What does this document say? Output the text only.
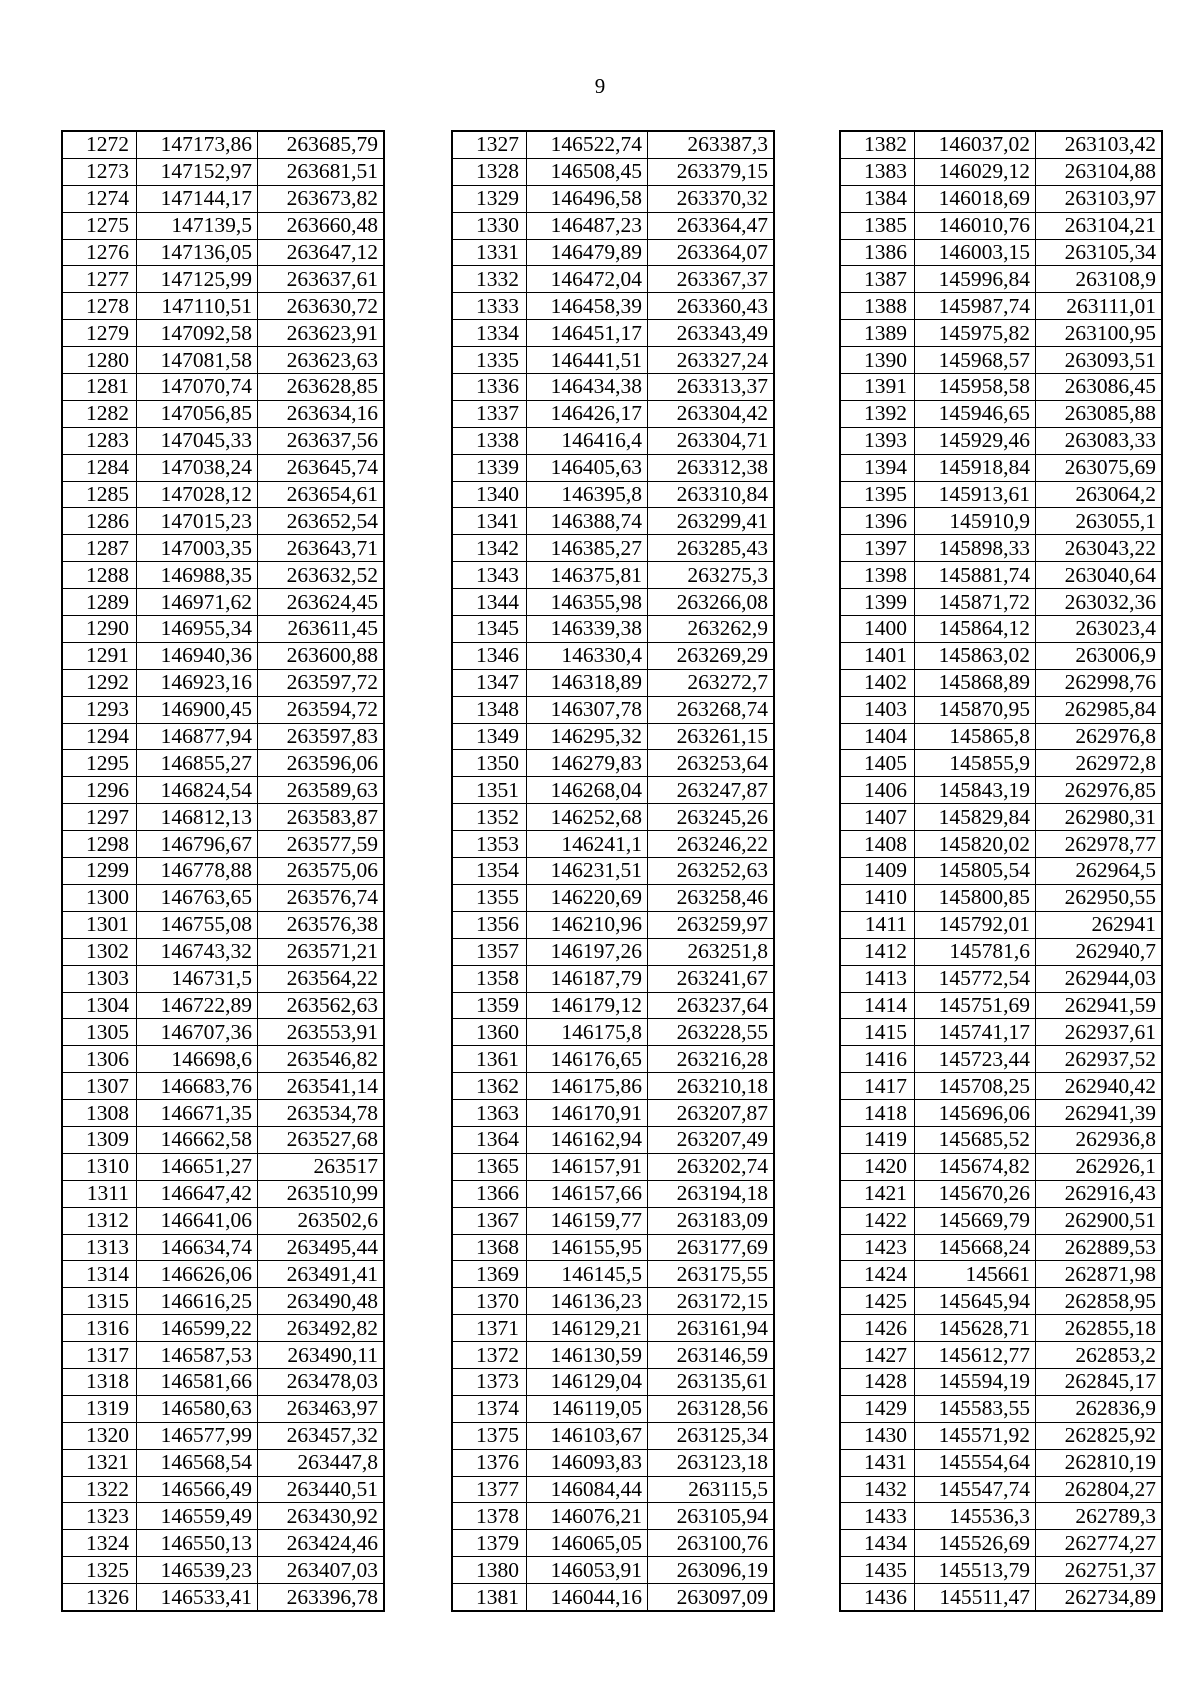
9
1272	147173,86	263685,79
1273	147152,97	263681,51
1274	147144,17	263673,82
1275	147139,5	263660,48
1276	147136,05	263647,12
1277	147125,99	263637,61
1278	147110,51	263630,72
1279	147092,58	263623,91
1280	147081,58	263623,63
1281	147070,74	263628,85
1282	147056,85	263634,16
1283	147045,33	263637,56
1284	147038,24	263645,74
1285	147028,12	263654,61
1286	147015,23	263652,54
1287	147003,35	263643,71
1288	146988,35	263632,52
1289	146971,62	263624,45
1290	146955,34	263611,45
1291	146940,36	263600,88
1292	146923,16	263597,72
1293	146900,45	263594,72
1294	146877,94	263597,83
1295	146855,27	263596,06
1296	146824,54	263589,63
1297	146812,13	263583,87
1298	146796,67	263577,59
1299	146778,88	263575,06
1300	146763,65	263576,74
1301	146755,08	263576,38
1302	146743,32	263571,21
1303	146731,5	263564,22
1304	146722,89	263562,63
1305	146707,36	263553,91
1306	146698,6	263546,82
1307	146683,76	263541,14
1308	146671,35	263534,78
1309	146662,58	263527,68
1310	146651,27	263517
1311	146647,42	263510,99
1312	146641,06	263502,6
1313	146634,74	263495,44
1314	146626,06	263491,41
1315	146616,25	263490,48
1316	146599,22	263492,82
1317	146587,53	263490,11
1318	146581,66	263478,03
1319	146580,63	263463,97
1320	146577,99	263457,32
1321	146568,54	263447,8
1322	146566,49	263440,51
1323	146559,49	263430,92
1324	146550,13	263424,46
1325	146539,23	263407,03
1326	146533,41	263396,78
1327	146522,74	263387,3
1328	146508,45	263379,15
1329	146496,58	263370,32
1330	146487,23	263364,47
1331	146479,89	263364,07
1332	146472,04	263367,37
1333	146458,39	263360,43
1334	146451,17	263343,49
1335	146441,51	263327,24
1336	146434,38	263313,37
1337	146426,17	263304,42
1338	146416,4	263304,71
1339	146405,63	263312,38
1340	146395,8	263310,84
1341	146388,74	263299,41
1342	146385,27	263285,43
1343	146375,81	263275,3
1344	146355,98	263266,08
1345	146339,38	263262,9
1346	146330,4	263269,29
1347	146318,89	263272,7
1348	146307,78	263268,74
1349	146295,32	263261,15
1350	146279,83	263253,64
1351	146268,04	263247,87
1352	146252,68	263245,26
1353	146241,1	263246,22
1354	146231,51	263252,63
1355	146220,69	263258,46
1356	146210,96	263259,97
1357	146197,26	263251,8
1358	146187,79	263241,67
1359	146179,12	263237,64
1360	146175,8	263228,55
1361	146176,65	263216,28
1362	146175,86	263210,18
1363	146170,91	263207,87
1364	146162,94	263207,49
1365	146157,91	263202,74
1366	146157,66	263194,18
1367	146159,77	263183,09
1368	146155,95	263177,69
1369	146145,5	263175,55
1370	146136,23	263172,15
1371	146129,21	263161,94
1372	146130,59	263146,59
1373	146129,04	263135,61
1374	146119,05	263128,56
1375	146103,67	263125,34
1376	146093,83	263123,18
1377	146084,44	263115,5
1378	146076,21	263105,94
1379	146065,05	263100,76
1380	146053,91	263096,19
1381	146044,16	263097,09
1382	146037,02	263103,42
1383	146029,12	263104,88
1384	146018,69	263103,97
1385	146010,76	263104,21
1386	146003,15	263105,34
1387	145996,84	263108,9
1388	145987,74	263111,01
1389	145975,82	263100,95
1390	145968,57	263093,51
1391	145958,58	263086,45
1392	145946,65	263085,88
1393	145929,46	263083,33
1394	145918,84	263075,69
1395	145913,61	263064,2
1396	145910,9	263055,1
1397	145898,33	263043,22
1398	145881,74	263040,64
1399	145871,72	263032,36
1400	145864,12	263023,4
1401	145863,02	263006,9
1402	145868,89	262998,76
1403	145870,95	262985,84
1404	145865,8	262976,8
1405	145855,9	262972,8
1406	145843,19	262976,85
1407	145829,84	262980,31
1408	145820,02	262978,77
1409	145805,54	262964,5
1410	145800,85	262950,55
1411	145792,01	262941
1412	145781,6	262940,7
1413	145772,54	262944,03
1414	145751,69	262941,59
1415	145741,17	262937,61
1416	145723,44	262937,52
1417	145708,25	262940,42
1418	145696,06	262941,39
1419	145685,52	262936,8
1420	145674,82	262926,1
1421	145670,26	262916,43
1422	145669,79	262900,51
1423	145668,24	262889,53
1424	145661	262871,98
1425	145645,94	262858,95
1426	145628,71	262855,18
1427	145612,77	262853,2
1428	145594,19	262845,17
1429	145583,55	262836,9
1430	145571,92	262825,92
1431	145554,64	262810,19
1432	145547,74	262804,27
1433	145536,3	262789,3
1434	145526,69	262774,27
1435	145513,79	262751,37
1436	145511,47	262734,89
